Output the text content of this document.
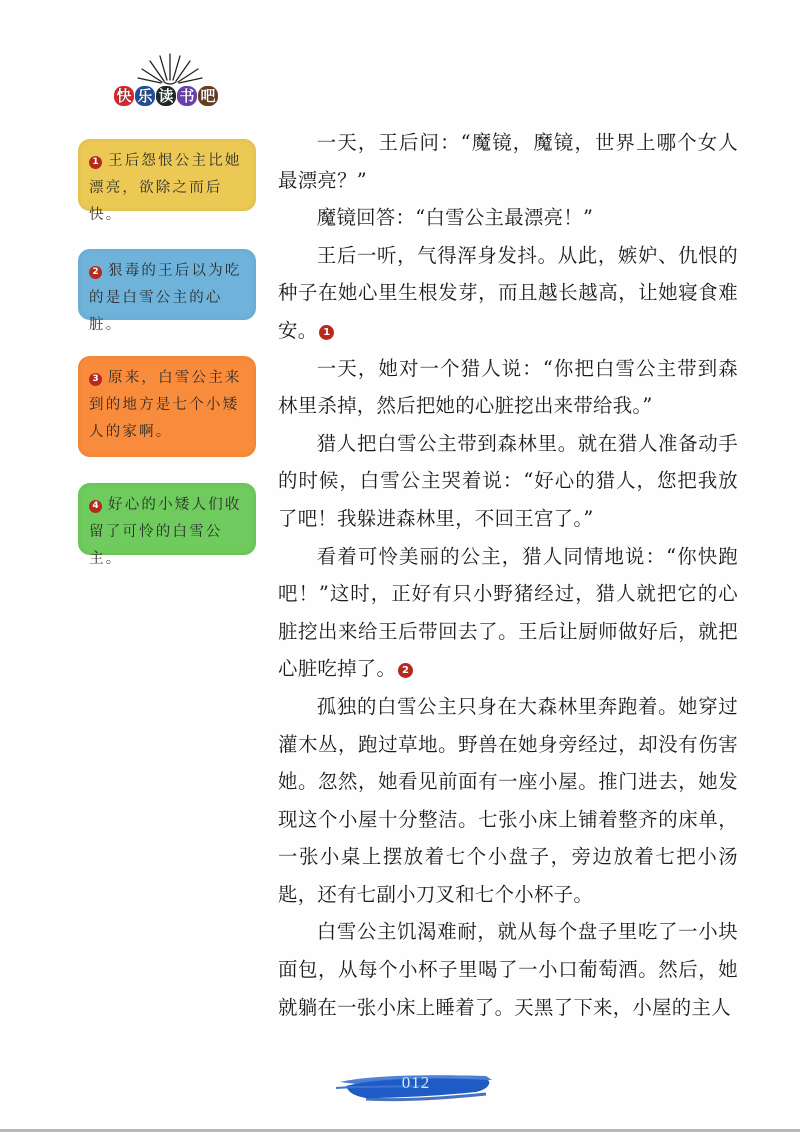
快 乐 读 书 吧
1 王后怨恨公主比她漂亮，欲除之而后快。
2 狠毒的王后以为吃的是白雪公主的心脏。
3 原来，白雪公主来到的地方是七个小矮人的家啊。
4 好心的小矮人们收留了可怜的白雪公主。

一天，王后问：“魔镜，魔镜，世界上哪个女人最漂亮？”

魔镜回答：“白雪公主最漂亮！”

王后一听，气得浑身发抖。从此，嫉妒、仇恨的种子在她心里生根发芽，而且越长越高，让她寝食难安。 1

一天，她对一个猎人说：“你把白雪公主带到森林里杀掉，然后把她的心脏挖出来带给我。”

猎人把白雪公主带到森林里。就在猎人准备动手的时候，白雪公主哭着说：“好心的猎人，您把我放了吧！我躲进森林里，不回王宫了。”

看着可怜美丽的公主，猎人同情地说：“你快跑吧！”这时，正好有只小野猪经过，猎人就把它的心脏挖出来给王后带回去了。王后让厨师做好后，就把心脏吃掉了。 2

孤独的白雪公主只身在大森林里奔跑着。她穿过灌木丛，跑过草地。野兽在她身旁经过，却没有伤害她。忽然，她看见前面有一座小屋。推门进去，她发现这个小屋十分整洁。七张小床上铺着整齐的床单，一张小桌上摆放着七个小盘子，旁边放着七把小汤匙，还有七副小刀叉和七个小杯子。

白雪公主饥渴难耐，就从每个盘子里吃了一小块面包，从每个小杯子里喝了一小口葡萄酒。然后，她就躺在一张小床上睡着了。天黑了下来，小屋的主人

012
